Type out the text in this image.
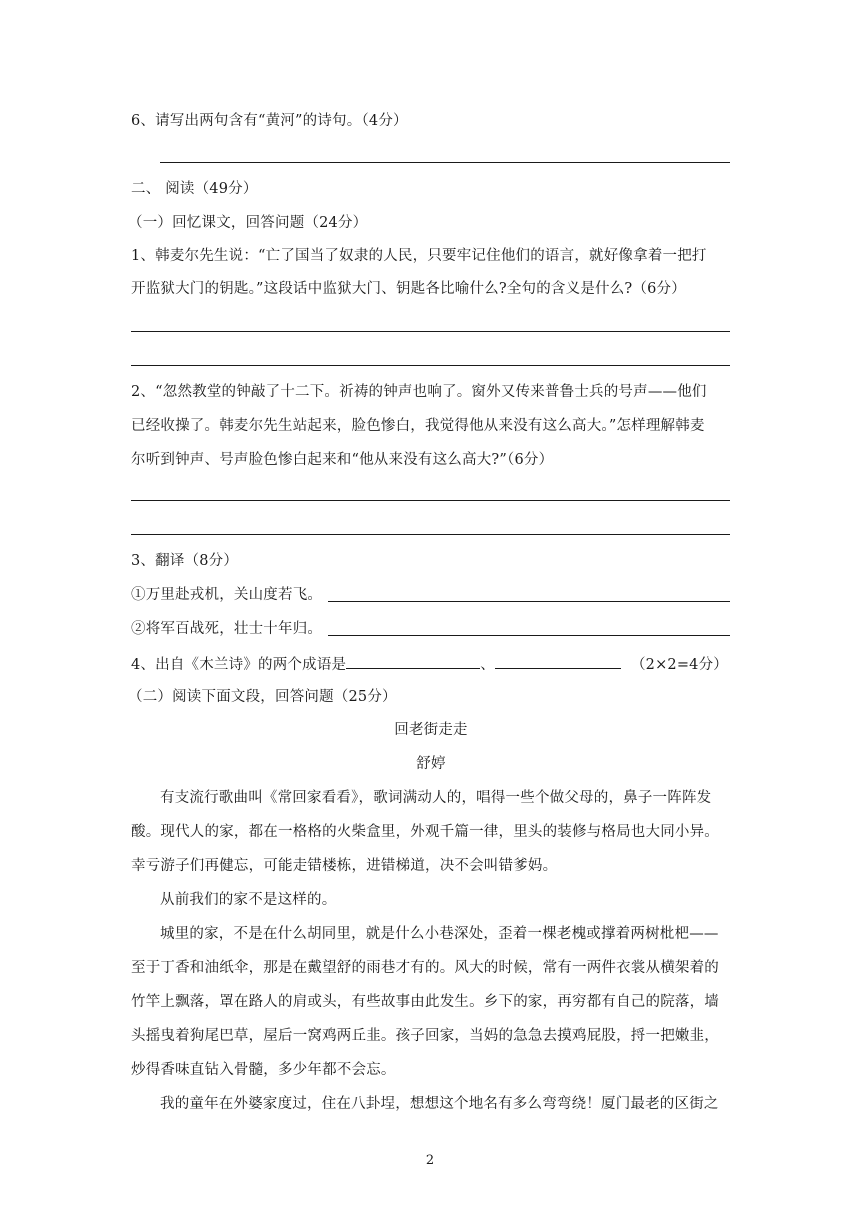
6、请写出两句含有“黄河”的诗句。（4分）
二、 阅读（49分）
（一）回忆课文，回答问题（24分）
1、韩麦尔先生说：“亡了国当了奴隶的人民，只要牢记住他们的语言，就好像拿着一把打
开监狱大门的钥匙。”这段话中监狱大门、钥匙各比喻什么?全句的含义是什么?（6分）
2、“忽然教堂的钟敲了十二下。祈祷的钟声也响了。窗外又传来普鲁士兵的号声——他们
已经收操了。韩麦尔先生站起来，脸色惨白，我觉得他从来没有这么高大。”怎样理解韩麦
尔听到钟声、号声脸色惨白起来和“他从来没有这么高大?”（6分）
3、翻译（8分）
①万里赴戎机，关山度若飞。
②将军百战死，壮士十年归。
4、出自《木兰诗》的两个成语是	、	（2×2=4分）
（二）阅读下面文段，回答问题（25分）
回老街走走
舒婷
有支流行歌曲叫《常回家看看》，歌词满动人的，唱得一些个做父母的，鼻子一阵阵发
酸。现代人的家，都在一格格的火柴盒里，外观千篇一律，里头的装修与格局也大同小异。
幸亏游子们再健忘，可能走错楼栋，进错梯道，决不会叫错爹妈。
从前我们的家不是这样的。
城里的家，不是在什么胡同里，就是什么小巷深处，歪着一棵老槐或撑着两树枇杷——
至于丁香和油纸伞，那是在戴望舒的雨巷才有的。风大的时候，常有一两件衣裳从横架着的
竹竿上飘落，罩在路人的肩或头，有些故事由此发生。乡下的家，再穷都有自己的院落，墙
头摇曳着狗尾巴草，屋后一窝鸡两丘韭。孩子回家，当妈的急急去摸鸡屁股，捋一把嫩韭，
炒得香味直钻入骨髓，多少年都不会忘。
我的童年在外婆家度过，住在八卦埕，想想这个地名有多么弯弯绕！厦门最老的区街之
2
